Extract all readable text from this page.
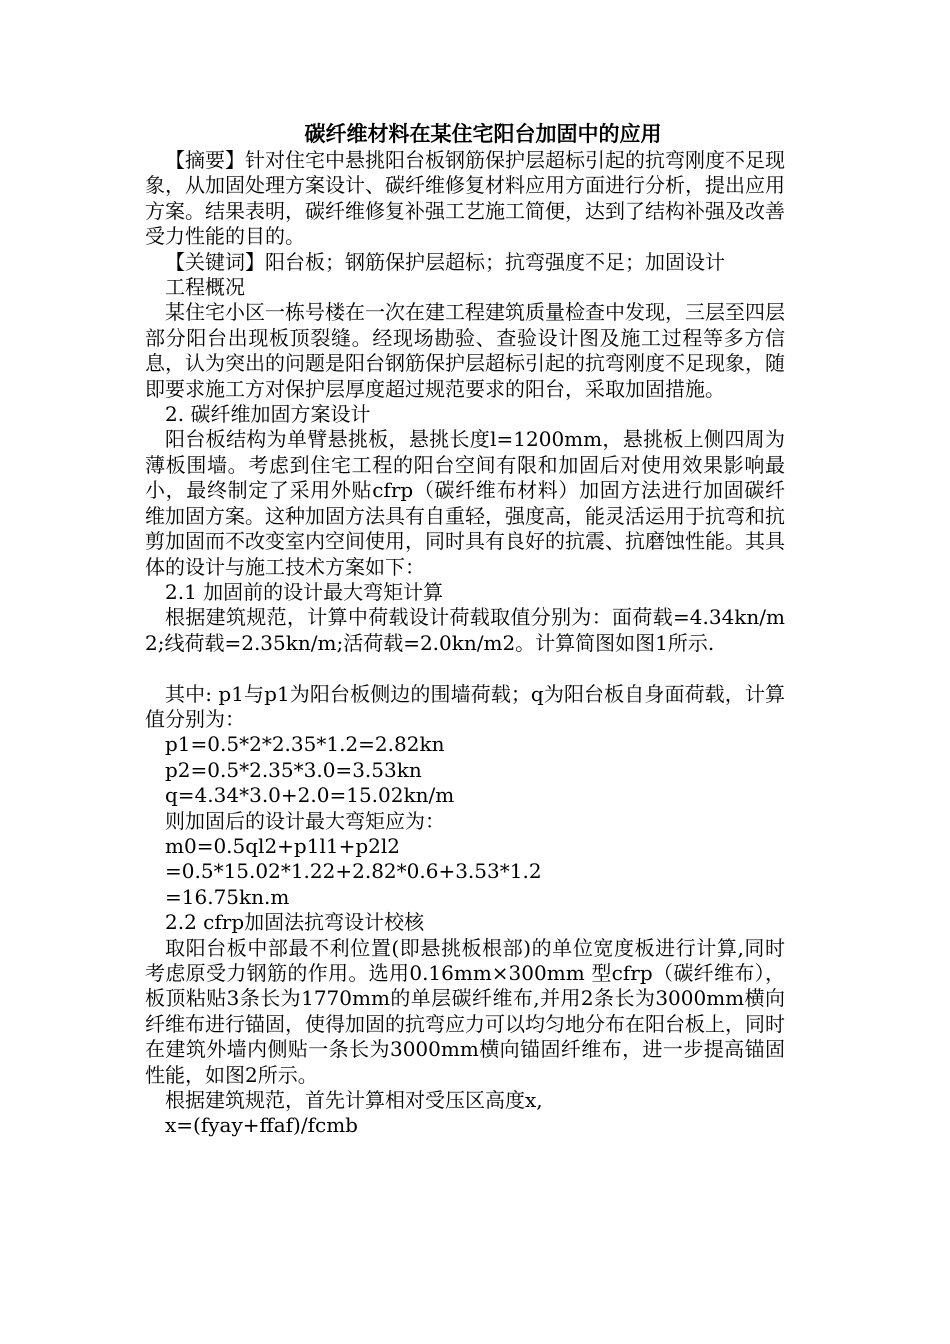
碳纤维材料在某住宅阳台加固中的应用

【摘要】针对住宅中悬挑阳台板钢筋保护层超标引起的抗弯刚度不足现象，从加固处理方案设计、碳纤维修复材料应用方面进行分析，提出应用方案。结果表明，碳纤维修复补强工艺施工简便，达到了结构补强及改善受力性能的目的。

【关键词】阳台板；钢筋保护层超标；抗弯强度不足；加固设计

工程概况

某住宅小区一栋号楼在一次在建工程建筑质量检查中发现，三层至四层部分阳台出现板顶裂缝。经现场勘验、查验设计图及施工过程等多方信息，认为突出的问题是阳台钢筋保护层超标引起的抗弯刚度不足现象，随即要求施工方对保护层厚度超过规范要求的阳台，采取加固措施。

2. 碳纤维加固方案设计

阳台板结构为单臂悬挑板，悬挑长度l=1200mm，悬挑板上侧四周为薄板围墙。考虑到住宅工程的阳台空间有限和加固后对使用效果影响最小，最终制定了采用外贴cfrp（碳纤维布材料）加固方法进行加固碳纤维加固方案。这种加固方法具有自重轻，强度高，能灵活运用于抗弯和抗剪加固而不改变室内空间使用，同时具有良好的抗震、抗磨蚀性能。其具体的设计与施工技术方案如下：

2.1 加固前的设计最大弯矩计算

根据建筑规范，计算中荷载设计荷载取值分别为：面荷载=4.34kn/m2;线荷载=2.35kn/m;活荷载=2.0kn/m2。计算简图如图1所示.

其中: p1与p1为阳台板侧边的围墙荷载；q为阳台板自身面荷载，计算值分别为：

p1=0.5*2*2.35*1.2=2.82kn

p2=0.5*2.35*3.0=3.53kn

q=4.34*3.0+2.0=15.02kn/m

则加固后的设计最大弯矩应为：

m0=0.5ql2+p1l1+p2l2

=0.5*15.02*1.22+2.82*0.6+3.53*1.2

=16.75kn.m

2.2 cfrp加固法抗弯设计校核

取阳台板中部最不利位置(即悬挑板根部)的单位宽度板进行计算,同时考虑原受力钢筋的作用。选用0.16mm×300mm 型cfrp（碳纤维布），板顶粘贴3条长为1770mm的单层碳纤维布,并用2条长为3000mm横向纤维布进行锚固，使得加固的抗弯应力可以均匀地分布在阳台板上，同时在建筑外墙内侧贴一条长为3000mm横向锚固纤维布，进一步提高锚固性能，如图2所示。

根据建筑规范，首先计算相对受压区高度x,

x=(fyay+ffaf)/fcmb
